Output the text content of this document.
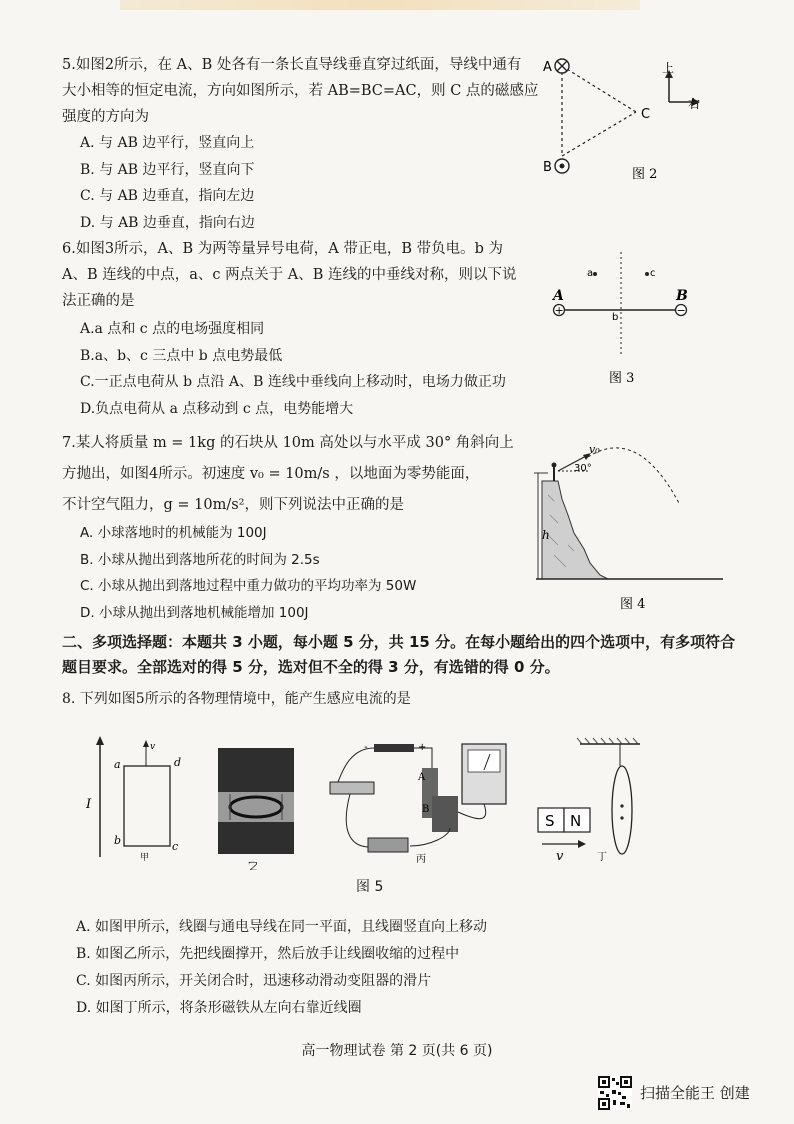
5.如图2所示，在 A、B 处各有一条长直导线垂直穿过纸面，导线中通有
大小相等的恒定电流，方向如图所示，若 AB=BC=AC，则 C 点的磁感应
强度的方向为
A. 与 AB 边平行，竖直向上
B. 与 AB 边平行，竖直向下
C. 与 AB 边垂直，指向左边
D. 与 AB 边垂直，指向右边
A
B
C
上
右
图 2
6.如图3所示，A、B 为两等量异号电荷，A 带正电，B 带负电。b 为
A、B 连线的中点，a、c 两点关于 A、B 连线的中垂线对称，则以下说
法正确的是
A.a 点和 c 点的电场强度相同
B.a、b、c 三点中 b 点电势最低
C.一正点电荷从 b 点沿 A、B 连线中垂线向上移动时，电场力做正功
D.负点电荷从 a 点移动到 c 点，电势能增大
+	−
A	B
a	c
b
图 3
7.某人将质量 m = 1kg 的石块从 10m 高处以与水平成 30° 角斜向上
方抛出，如图4所示。初速度 v₀ = 10m/s ，以地面为零势能面，
不计空气阻力，g = 10m/s²，则下列说法中正确的是
A. 小球落地时的机械能为 100J
B. 小球从抛出到落地所花的时间为 2.5s
C. 小球从抛出到落地过程中重力做功的平均功率为 50W
D. 小球从抛出到落地机械能增加 100J
h
30°
v₀
图 4
二、多项选择题：本题共 3 小题，每小题 5 分，共 15 分。在每小题给出的四个选项中，有多项符合题目要求。全部选对的得 5 分，选对但不全的得 3 分，有选错的得 0 分。
8. 下列如图5所示的各物理情境中，能产生感应电流的是
I
v
a	d
b	c
甲
乙
-	+
A
B
丙
S N
v	丁
图 5
A. 如图甲所示，线圈与通电导线在同一平面，且线圈竖直向上移动
B. 如图乙所示，先把线圈撑开，然后放手让线圈收缩的过程中
C. 如图丙所示，开关闭合时，迅速移动滑动变阻器的滑片
D. 如图丁所示，将条形磁铁从左向右靠近线圈
高一物理试卷 第 2 页(共 6 页)
扫描全能王 创建
